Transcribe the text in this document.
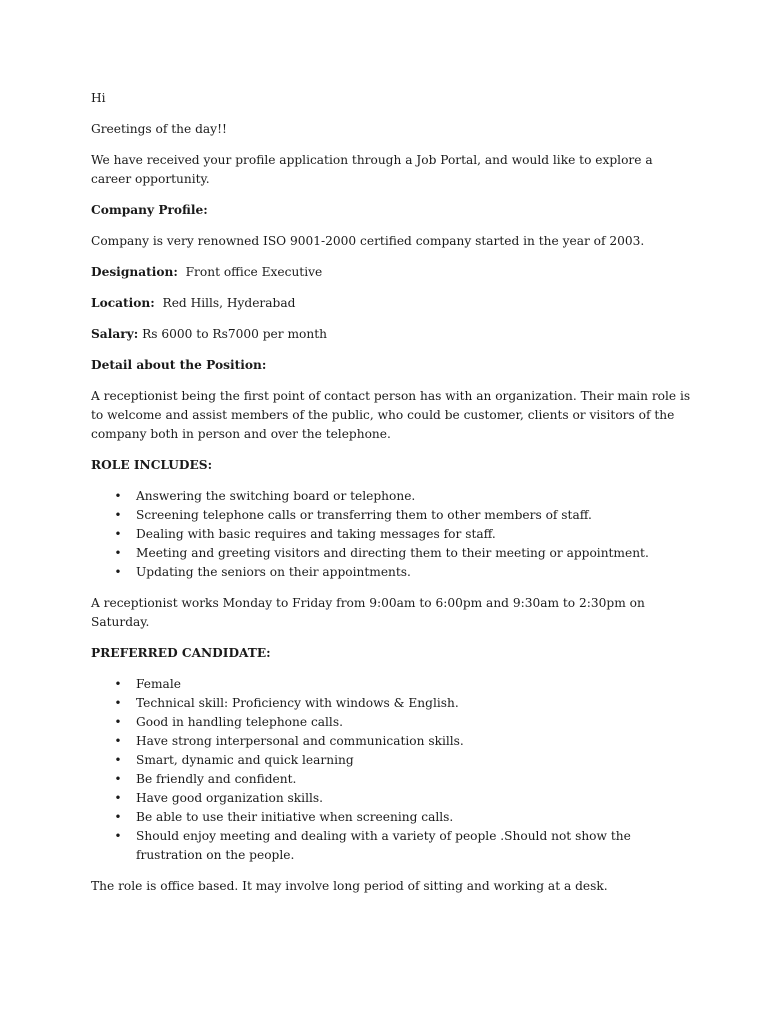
Hi

Greetings of the day!!

We have received your profile application through a Job Portal, and would like to explore a career opportunity.

Company Profile:

Company is very renowned ISO 9001-2000 certified company started in the year of 2003.

Designation: Front office Executive

Location: Red Hills, Hyderabad

Salary: Rs 6000 to Rs7000 per month

Detail about the Position:

A receptionist being the first point of contact person has with an organization. Their main role is to welcome and assist members of the public, who could be customer, clients or visitors of the company both in person and over the telephone.

ROLE INCLUDES:

• Answering the switching board or telephone.
• Screening telephone calls or transferring them to other members of staff.
• Dealing with basic requires and taking messages for staff.
• Meeting and greeting visitors and directing them to their meeting or appointment.
• Updating the seniors on their appointments.

A receptionist works Monday to Friday from 9:00am to 6:00pm and 9:30am to 2:30pm on Saturday.

PREFERRED CANDIDATE:

• Female
• Technical skill: Proficiency with windows & English.
• Good in handling telephone calls.
• Have strong interpersonal and communication skills.
• Smart, dynamic and quick learning
• Be friendly and confident.
• Have good organization skills.
• Be able to use their initiative when screening calls.
• Should enjoy meeting and dealing with a variety of people .Should not show the frustration on the people.

The role is office based. It may involve long period of sitting and working at a desk.
